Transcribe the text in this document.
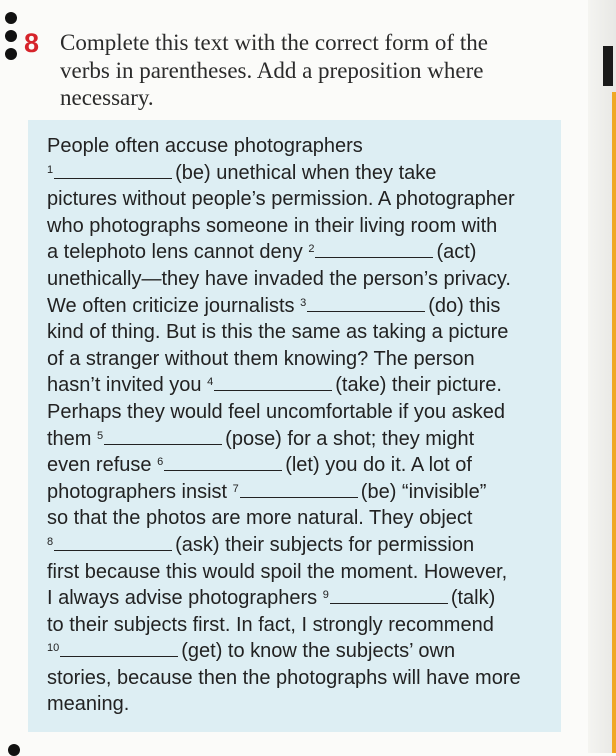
8 Complete this text with the correct form of the
verbs in parentheses. Add a preposition where
necessary.
People often accuse photographers
$^1$	(be) unethical when they take
pictures without people’s permission. A photographer
who photographs someone in their living room with
a telephoto lens cannot deny $^2$	(act)
unethically—they have invaded the person’s privacy.
We often criticize journalists $^3$	(do) this
kind of thing. But is this the same as taking a picture
of a stranger without them knowing? The person
hasn’t invited you $^4$	(take) their picture.
Perhaps they would feel uncomfortable if you asked
them $^5$	(pose) for a shot; they might
even refuse $^6$	(let) you do it. A lot of
photographers insist $^7$	(be) “invisible”
so that the photos are more natural. They object
$^8$	(ask) their subjects for permission
first because this would spoil the moment. However,
I always advise photographers $^9$	(talk)
to their subjects first. In fact, I strongly recommend
$^{10}$	(get) to know the subjects’ own
stories, because then the photographs will have more
meaning.
